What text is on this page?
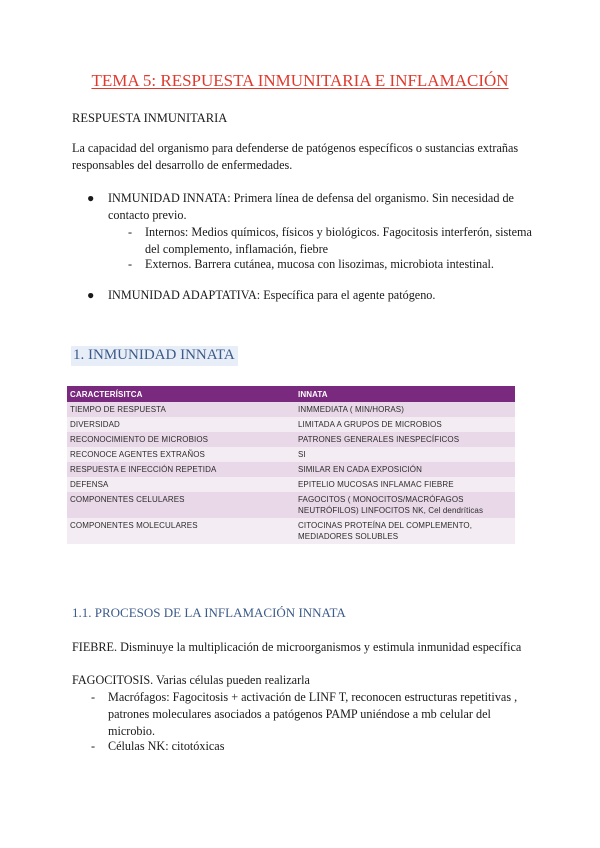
TEMA 5: RESPUESTA INMUNITARIA E INFLAMACIÓN
RESPUESTA INMUNITARIA
La capacidad del organismo para defenderse de patógenos específicos o sustancias extrañas responsables del desarrollo de enfermedades.
● INMUNIDAD INNATA: Primera línea de defensa del organismo. Sin necesidad de contacto previo.
- Internos: Medios químicos, físicos y biológicos. Fagocitosis interferón, sistema del complemento, inflamación, fiebre
- Externos. Barrera cutánea, mucosa con lisozimas, microbiota intestinal.
● INMUNIDAD ADAPTATIVA: Específica para el agente patógeno.
1. INMUNIDAD INNATA
CARACTERÍSITCA	INNATA
TIEMPO DE RESPUESTA	INMMEDIATA ( MIN/HORAS)
DIVERSIDAD	LIMITADA A GRUPOS DE MICROBIOS
RECONOCIMIENTO DE MICROBIOS	PATRONES GENERALES INESPECÍFICOS
RECONOCE AGENTES EXTRAÑOS	SI
RESPUESTA E INFECCIÓN REPETIDA	SIMILAR EN CADA EXPOSICIÓN
DEFENSA	EPITELIO MUCOSAS INFLAMAC FIEBRE
COMPONENTES CELULARES	FAGOCITOS ( MONOCITOS/MACRÓFAGOS NEUTRÓFILOS) LINFOCITOS NK, Cel dendríticas
COMPONENTES MOLECULARES	CITOCINAS PROTEÍNA DEL COMPLEMENTO, MEDIADORES SOLUBLES
1.1. PROCESOS DE LA INFLAMACIÓN INNATA
FIEBRE. Disminuye la multiplicación de microorganismos y estimula inmunidad específica
FAGOCITOSIS. Varias células pueden realizarla
- Macrófagos: Fagocitosis + activación de LINF T, reconocen estructuras repetitivas , patrones moleculares asociados a patógenos PAMP uniéndose a mb celular del microbio.
- Células NK: citotóxicas
